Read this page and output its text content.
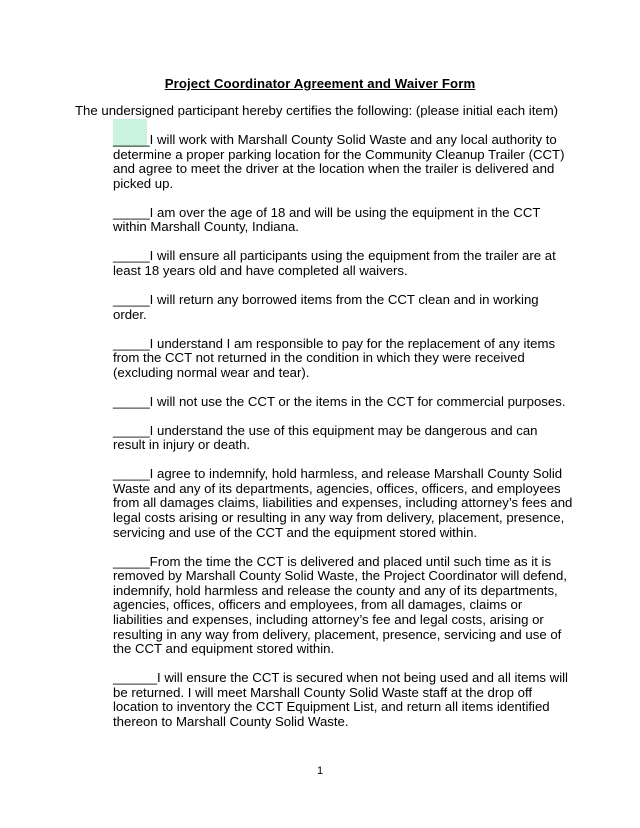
Project Coordinator Agreement and Waiver Form
The undersigned participant hereby certifies the following: (please initial each item)
_____I will work with Marshall County Solid Waste and any local authority to determine a proper parking location for the Community Cleanup Trailer (CCT) and agree to meet the driver at the location when the trailer is delivered and picked up.
_____I am over the age of 18 and will be using the equipment in the CCT within Marshall County, Indiana.
_____I will ensure all participants using the equipment from the trailer are at least 18 years old and have completed all waivers.
_____I will return any borrowed items from the CCT clean and in working order.
_____I understand I am responsible to pay for the replacement of any items from the CCT not returned in the condition in which they were received (excluding normal wear and tear).
_____I will not use the CCT or the items in the CCT for commercial purposes.
_____I understand the use of this equipment may be dangerous and can result in injury or death.
_____I agree to indemnify, hold harmless, and release Marshall County Solid Waste and any of its departments, agencies, offices, officers, and employees from all damages claims, liabilities and expenses, including attorney’s fees and legal costs arising or resulting in any way from delivery, placement, presence, servicing and use of the CCT and the equipment stored within.
_____From the time the CCT is delivered and placed until such time as it is removed by Marshall County Solid Waste, the Project Coordinator will defend, indemnify, hold harmless and release the county and any of its departments, agencies, offices, officers and employees, from all damages, claims or liabilities and expenses, including attorney’s fee and legal costs, arising or resulting in any way from delivery, placement, presence, servicing and use of the CCT and equipment stored within.
______I will ensure the CCT is secured when not being used and all items will be returned. I will meet Marshall County Solid Waste staff at the drop off location to inventory the CCT Equipment List, and return all items identified thereon to Marshall County Solid Waste.
1
